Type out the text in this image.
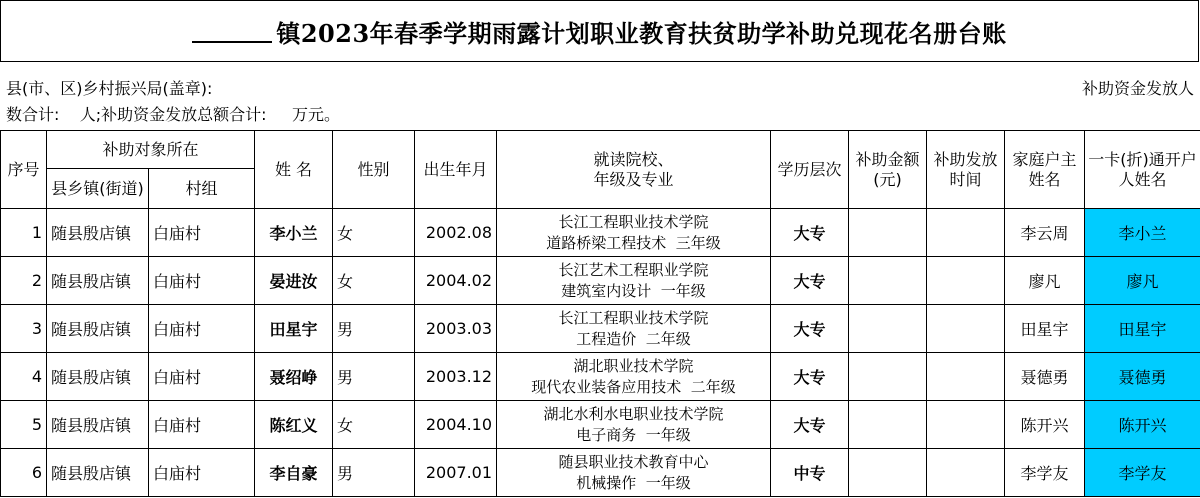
镇2023年春季学期雨露计划职业教育扶贫助学补助兑现花名册台账
县(市、区)乡村振兴局(盖章):	补助资金发放人
数合计:    人;补助资金发放总额合计:     万元。
序号	补助对象所在		姓 名	性别	出生年月	就读院校、
年级及专业	学历层次	补助金额(元)	补助发放时间	家庭户主姓名	一卡(折)通开户人姓名
	县乡镇(街道)	村组									
1	随县殷店镇	白庙村	李小兰	女	2002.08	长江工程职业技术学院
道路桥梁工程技术  三年级	大专			李云周	李小兰
2	随县殷店镇	白庙村	晏进汝	女	2004.02	长江艺术工程职业学院
建筑室内设计  一年级	大专			廖凡	廖凡
3	随县殷店镇	白庙村	田星宇	男	2003.03	长江工程职业技术学院
工程造价  二年级	大专			田星宇	田星宇
4	随县殷店镇	白庙村	聂绍峥	男	2003.12	湖北职业技术学院
现代农业装备应用技术  二年级	大专			聂德勇	聂德勇
5	随县殷店镇	白庙村	陈红义	女	2004.10	湖北水利水电职业技术学院
电子商务  一年级	大专			陈开兴	陈开兴
6	随县殷店镇	白庙村	李自豪	男	2007.01	随县职业技术教育中心
机械操作  一年级	中专			李学友	李学友
